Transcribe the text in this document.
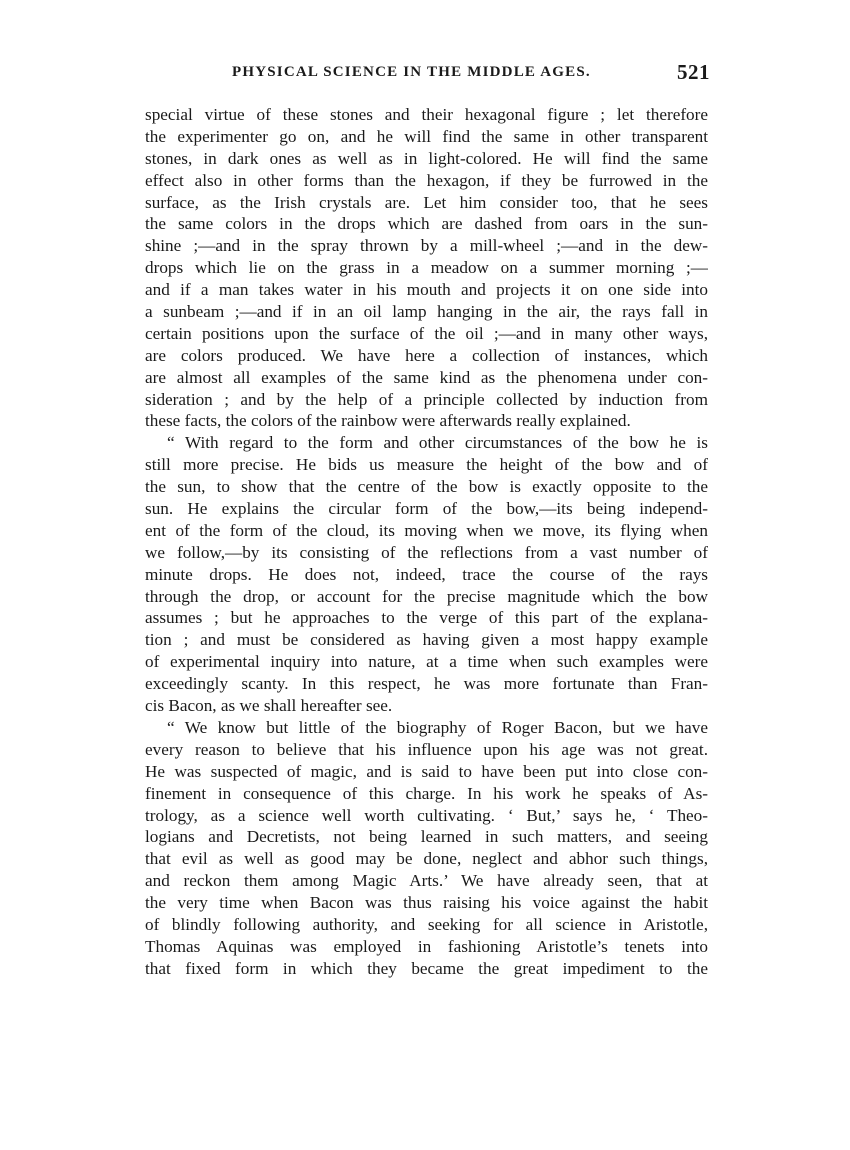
PHYSICAL SCIENCE IN THE MIDDLE AGES.	521
special virtue of these stones and their hexagonal figure ; let therefore
the experimenter go on, and he will find the same in other transparent
stones, in dark ones as well as in light-colored. He will find the same
effect also in other forms than the hexagon, if they be furrowed in the
surface, as the Irish crystals are. Let him consider too, that he sees
the same colors in the drops which are dashed from oars in the sun-
shine ;—and in the spray thrown by a mill-wheel ;—and in the dew-
drops which lie on the grass in a meadow on a summer morning ;—
and if a man takes water in his mouth and projects it on one side into
a sunbeam ;—and if in an oil lamp hanging in the air, the rays fall in
certain positions upon the surface of the oil ;—and in many other ways,
are colors produced. We have here a collection of instances, which
are almost all examples of the same kind as the phenomena under con-
sideration ; and by the help of a principle collected by induction from
these facts, the colors of the rainbow were afterwards really explained.
“ With regard to the form and other circumstances of the bow he is
still more precise. He bids us measure the height of the bow and of
the sun, to show that the centre of the bow is exactly opposite to the
sun. He explains the circular form of the bow,—its being independ-
ent of the form of the cloud, its moving when we move, its flying when
we follow,—by its consisting of the reflections from a vast number of
minute drops. He does not, indeed, trace the course of the rays
through the drop, or account for the precise magnitude which the bow
assumes ; but he approaches to the verge of this part of the explana-
tion ; and must be considered as having given a most happy example
of experimental inquiry into nature, at a time when such examples were
exceedingly scanty. In this respect, he was more fortunate than Fran-
cis Bacon, as we shall hereafter see.
“ We know but little of the biography of Roger Bacon, but we have
every reason to believe that his influence upon his age was not great.
He was suspected of magic, and is said to have been put into close con-
finement in consequence of this charge. In his work he speaks of As-
trology, as a science well worth cultivating. ‘ But,’ says he, ‘ Theo-
logians and Decretists, not being learned in such matters, and seeing
that evil as well as good may be done, neglect and abhor such things,
and reckon them among Magic Arts.’ We have already seen, that at
the very time when Bacon was thus raising his voice against the habit
of blindly following authority, and seeking for all science in Aristotle,
Thomas Aquinas was employed in fashioning Aristotle’s tenets into
that fixed form in which they became the great impediment to the
